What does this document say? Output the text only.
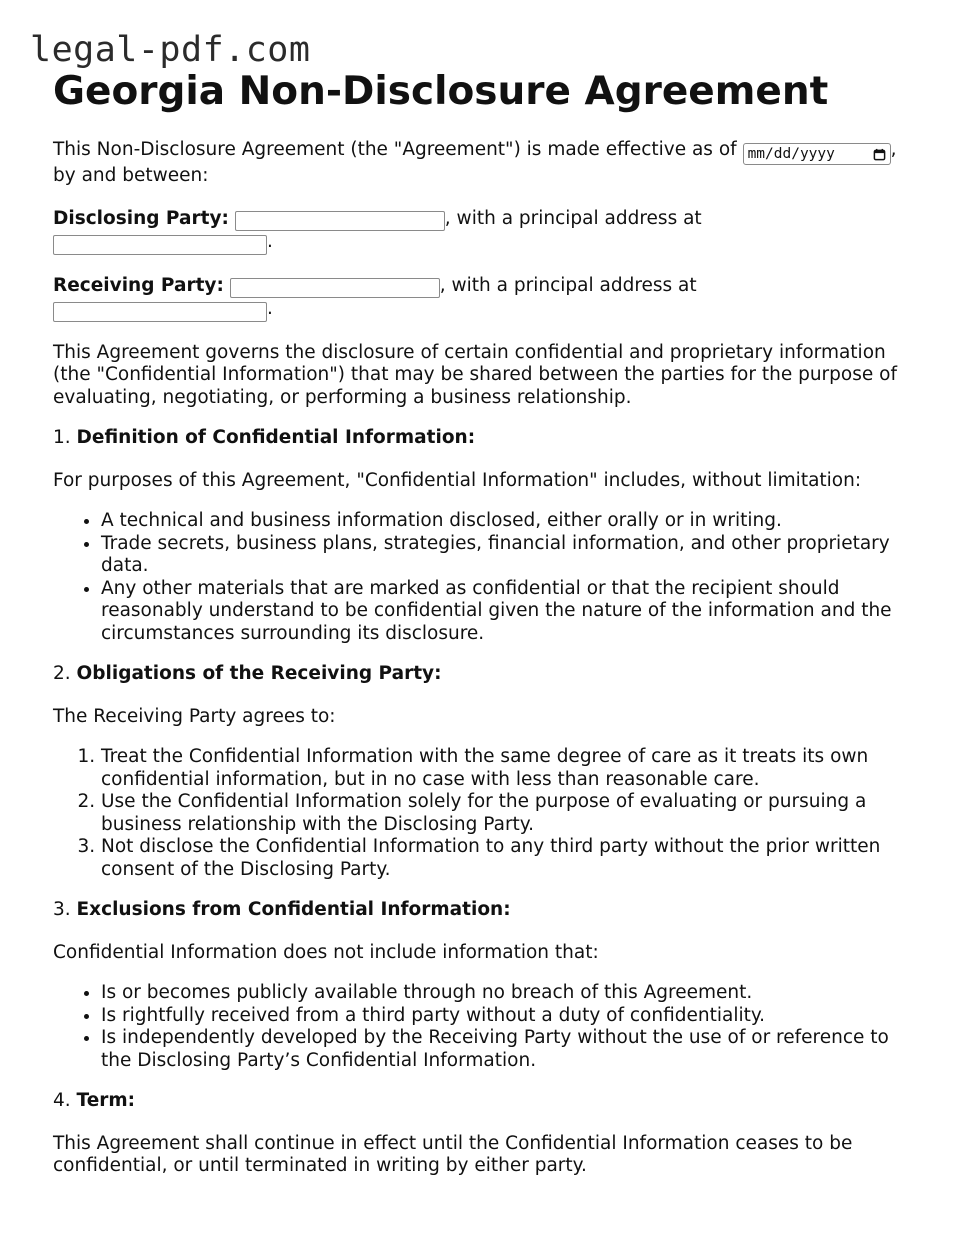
legal-pdf.com
Georgia Non-Disclosure Agreement

This Non-Disclosure Agreement (the "Agreement") is made effective as of mm/dd/yyyy	,
by and between:

Disclosing Party:	, with a principal address at
.

Receiving Party:	, with a principal address at
.

This Agreement governs the disclosure of certain confidential and proprietary information (the "Confidential Information") that may be shared between the parties for the purpose of evaluating, negotiating, or performing a business relationship.

1. Definition of Confidential Information:

For purposes of this Agreement, "Confidential Information" includes, without limitation:

• A technical and business information disclosed, either orally or in writing.
• Trade secrets, business plans, strategies, financial information, and other proprietary data.
• Any other materials that are marked as confidential or that the recipient should reasonably understand to be confidential given the nature of the information and the circumstances surrounding its disclosure.

2. Obligations of the Receiving Party:

The Receiving Party agrees to:

1. Treat the Confidential Information with the same degree of care as it treats its own confidential information, but in no case with less than reasonable care.
2. Use the Confidential Information solely for the purpose of evaluating or pursuing a business relationship with the Disclosing Party.
3. Not disclose the Confidential Information to any third party without the prior written consent of the Disclosing Party.

3. Exclusions from Confidential Information:

Confidential Information does not include information that:

• Is or becomes publicly available through no breach of this Agreement.
• Is rightfully received from a third party without a duty of confidentiality.
• Is independently developed by the Receiving Party without the use of or reference to the Disclosing Party’s Confidential Information.

4. Term:

This Agreement shall continue in effect until the Confidential Information ceases to be confidential, or until terminated in writing by either party.
